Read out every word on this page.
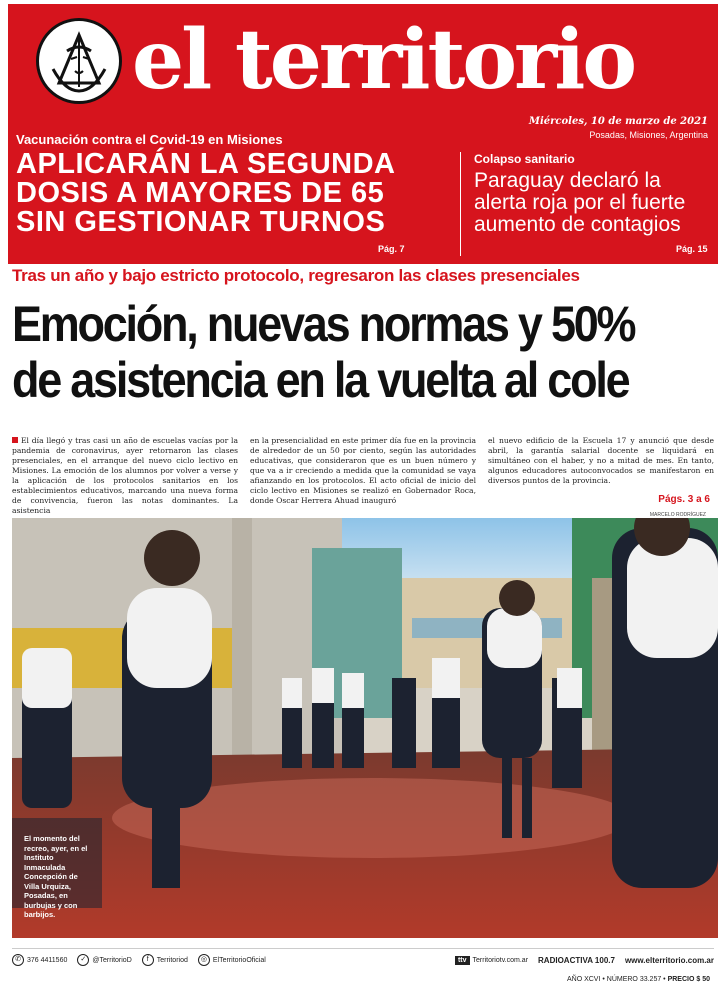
el territorio
Miércoles, 10 de marzo de 2021
Posadas, Misiones, Argentina
Vacunación contra el Covid-19 en Misiones
APLICARÁN LA SEGUNDA
DOSIS A MAYORES DE 65
SIN GESTIONAR TURNOS
Pág. 7
Colapso sanitario
Paraguay declaró la alerta roja por el fuerte aumento de contagios
Pág. 15
Tras un año y bajo estricto protocolo, regresaron las clases presenciales
Emoción, nuevas normas y 50%
de asistencia en la vuelta al cole
El día llegó y tras casi un año de escuelas vacías por la pandemia de coronavirus, ayer retornaron las clases presenciales, en el arranque del nuevo ciclo lectivo en Misiones. La emoción de los alumnos por volver a verse y la aplicación de los protocolos sanitarios en los establecimientos educativos, marcando una nueva forma de convivencia, fueron las notas dominantes. La asistencia
en la presencialidad en este primer día fue en la provincia de alrededor de un 50 por ciento, según las autoridades educativas, que consideraron que es un buen número y que va a ir creciendo a medida que la comunidad se vaya afianzando en los protocolos. El acto oficial de inicio del ciclo lectivo en Misiones se realizó en Gobernador Roca, donde Oscar Herrera Ahuad inauguró
el nuevo edificio de la Escuela 17 y anunció que desde abril, la garantía salarial docente se liquidará en simultáneo con el haber, y no a mitad de mes. En tanto, algunos educadores autoconvocados se manifestaron en diversos puntos de la provincia.
Págs. 3 a 6
MARCELO RODRÍGUEZ
El momento del recreo, ayer, en el Instituto Inmaculada Concepción de Villa Urquiza, Posadas, en burbujas y con barbijos.
✆ 376 4411560	✓ @TerritorioD	f	Territoriod	◎ ElTerritorioOficial	ttv Territoriotv.com.ar RADIOACTIVA 100.7 www.elterritorio.com.ar
AÑO XCVI • NÚMERO 33.257 • PRECIO $ 50
